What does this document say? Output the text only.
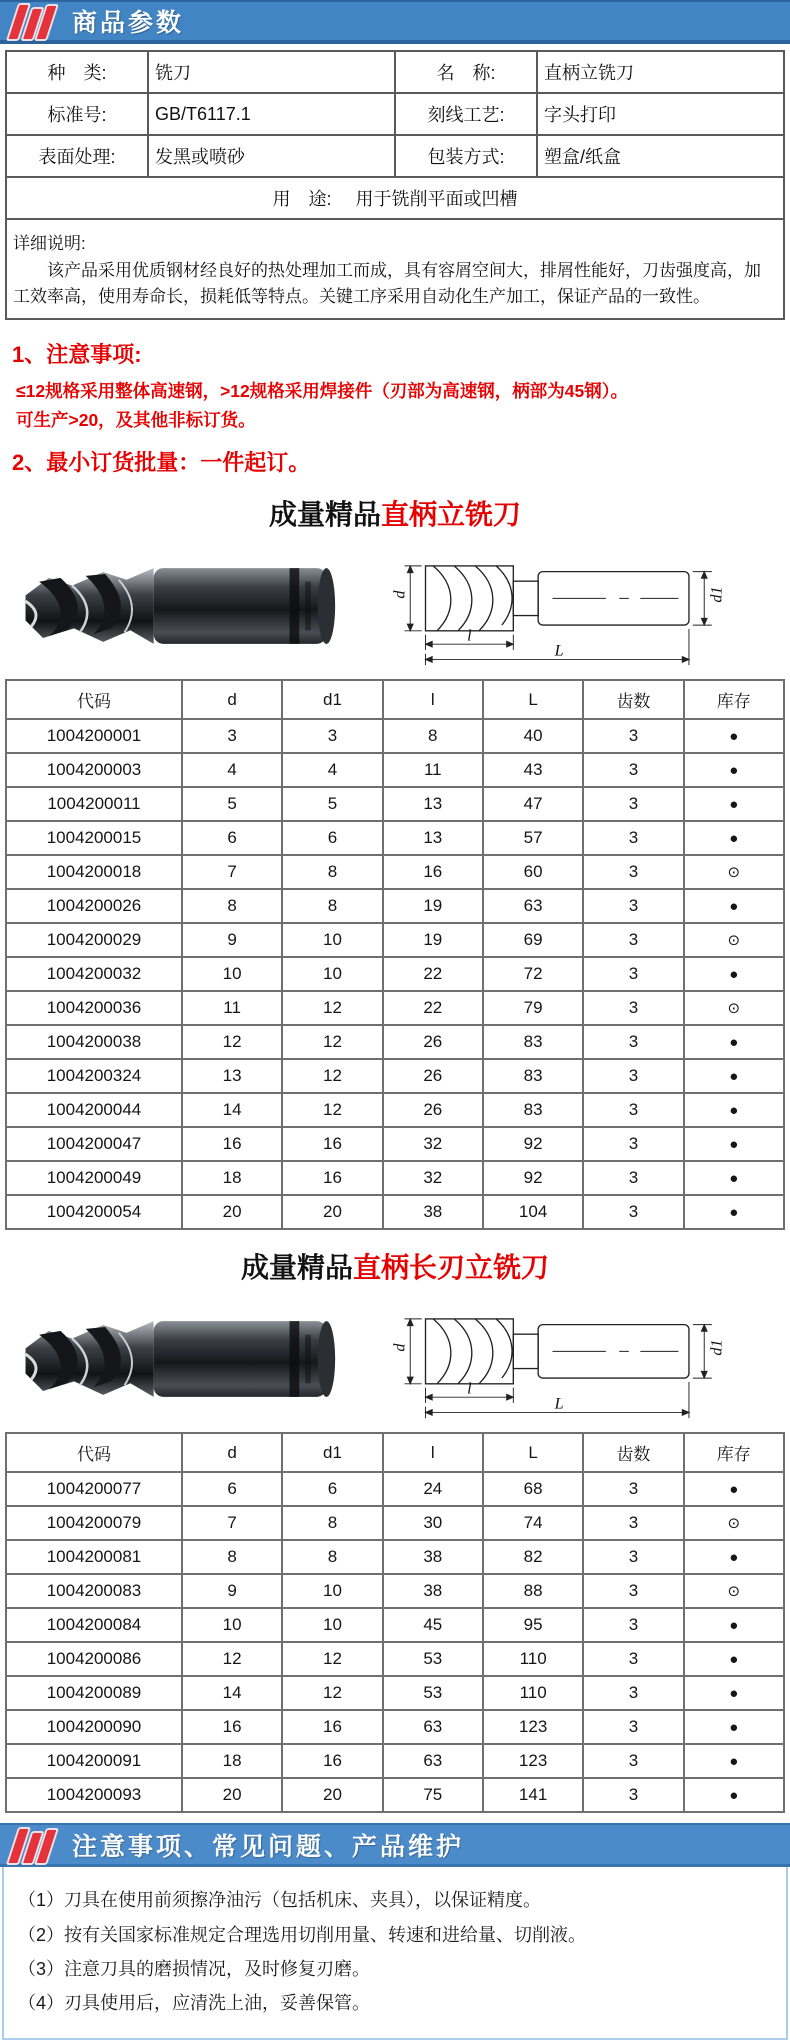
商品参数
种　类:	铣刀	名　称:	直柄立铣刀
标准号:	GB/T6117.1	刻线工艺:	字头打印
表面处理:	发黑或喷砂	包装方式:	塑盒/纸盒
用　途: 用于铣削平面或凹槽			

详细说明:

该产品采用优质钢材经良好的热处理加工而成，具有容屑空间大，排屑性能好，刀齿强度高，加工效率高，使用寿命长，损耗低等特点。关键工序采用自动化生产加工，保证产品的一致性。			

1、注意事项:
≤12规格采用整体高速钢，>12规格采用焊接件（刃部为高速钢，柄部为45钢）。
可生产>20，及其他非标订货。
2、最小订货批量：一件起订。
成量精品直柄立铣刀
d	d1
l
L
代码	d	d1	l	L	齿数	库存
1004200001	3	3	8	40	3	●
1004200003	4	4	11	43	3	●
1004200011	5	5	13	47	3	●
1004200015	6	6	13	57	3	●
1004200018	7	8	16	60	3	⊙
1004200026	8	8	19	63	3	●
1004200029	9	10	19	69	3	⊙
1004200032	10	10	22	72	3	●
1004200036	11	12	22	79	3	⊙
1004200038	12	12	26	83	3	●
1004200324	13	12	26	83	3	●
1004200044	14	12	26	83	3	●
1004200047	16	16	32	92	3	●
1004200049	18	16	32	92	3	●
1004200054	20	20	38	104	3	●
成量精品直柄长刃立铣刀
d	d1
l
L
代码	d	d1	l	L	齿数	库存
1004200077	6	6	24	68	3	●
1004200079	7	8	30	74	3	⊙
1004200081	8	8	38	82	3	●
1004200083	9	10	38	88	3	⊙
1004200084	10	10	45	95	3	●
1004200086	12	12	53	110	3	●
1004200089	14	12	53	110	3	●
1004200090	16	16	63	123	3	●
1004200091	18	16	63	123	3	●
1004200093	20	20	75	141	3	●
注意事项、常见问题、产品维护
（1）刀具在使用前须擦净油污（包括机床、夹具），以保证精度。
（2）按有关国家标准规定合理选用切削用量、转速和进给量、切削液。
（3）注意刀具的磨损情况，及时修复刃磨。
（4）刃具使用后，应清洗上油，妥善保管。
